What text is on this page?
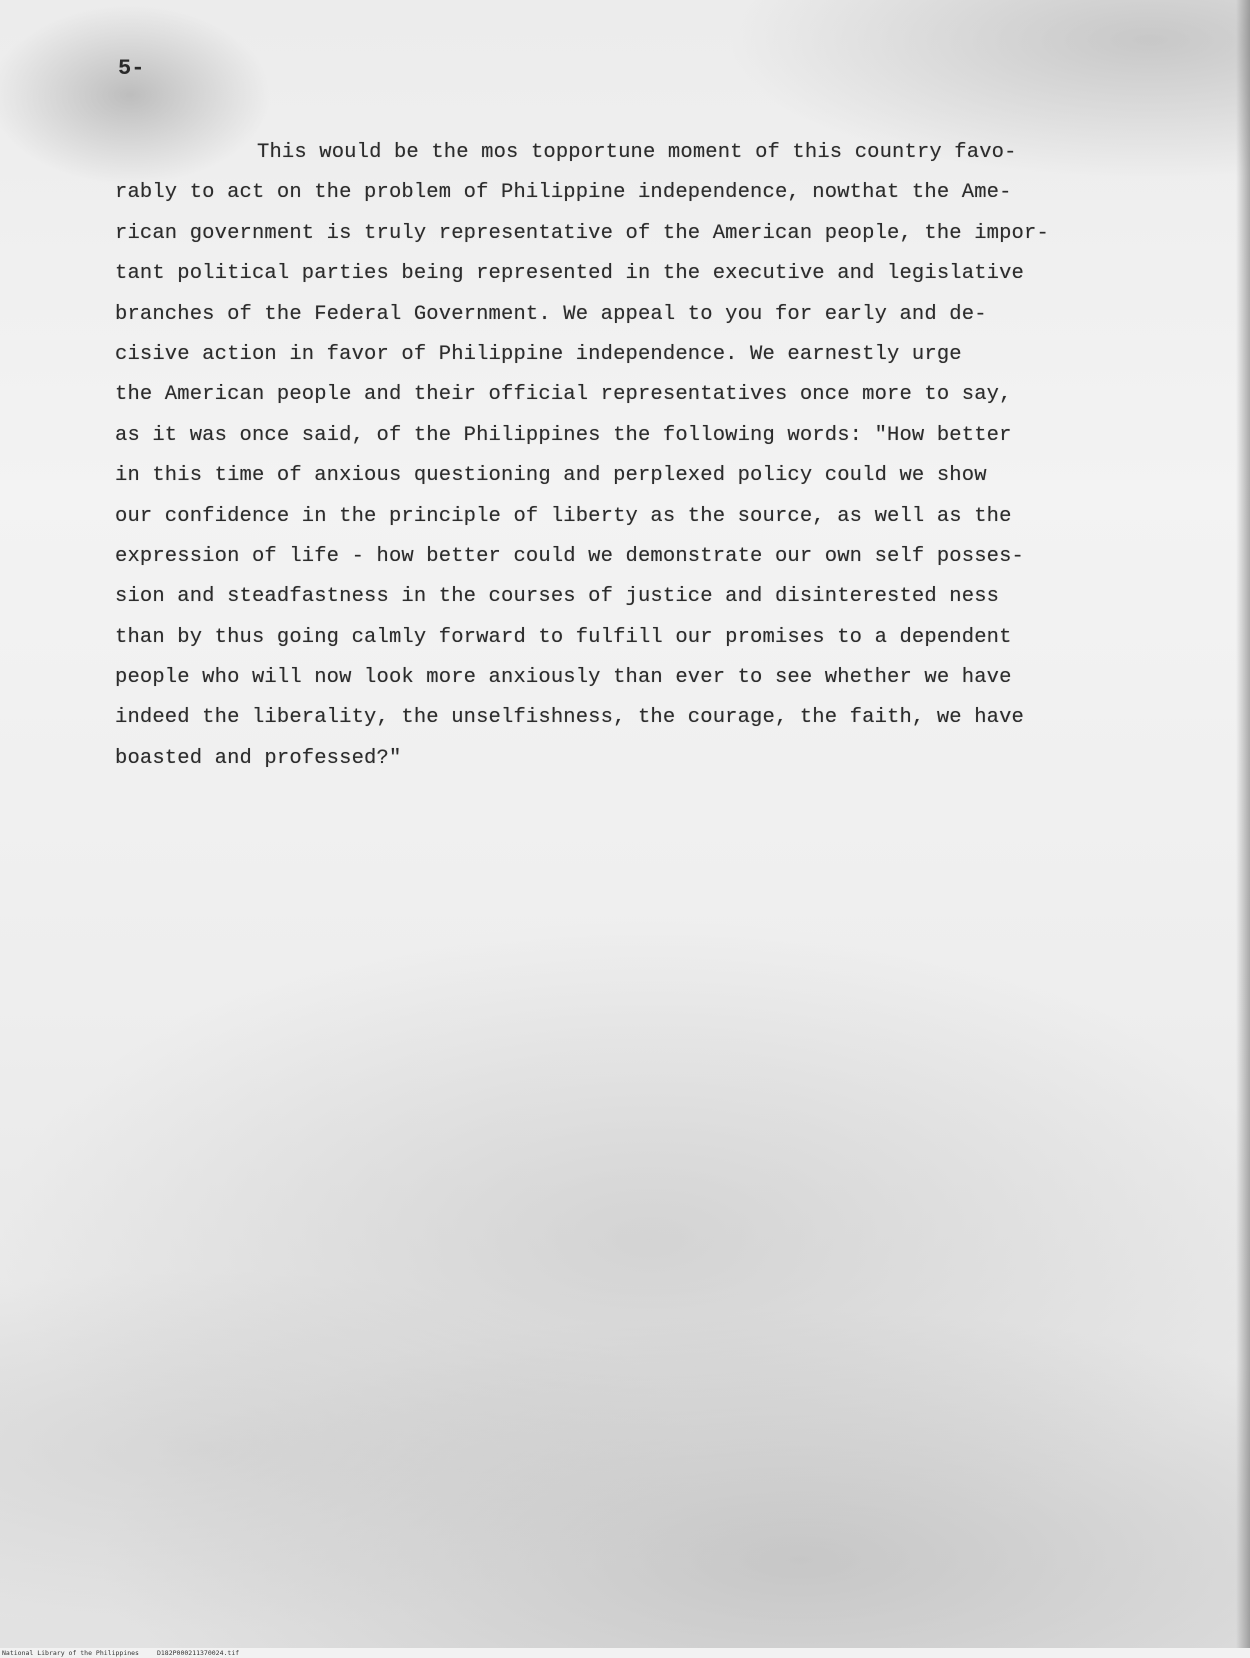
5-

This would be the mos topportune moment of this country favo-
rably to act on the problem of Philippine independence, nowthat the Ame-
rican government is truly representative of the American people, the impor-
tant political parties being represented in the executive and legislative
branches of the Federal Government. We appeal to you for early and de-
cisive action in favor of Philippine independence. We earnestly urge
the American people and their official representatives once more to say,
as it was once said, of the Philippines the following words: "How better
in this time of anxious questioning and perplexed policy could we show
our confidence in the principle of liberty as the source, as well as the
expression of life - how better could we demonstrate our own self posses-
sion and steadfastness in the courses of justice and disinterested ness
than by thus going calmly forward to fulfill our promises to a dependent
people who will now look more anxiously than ever to see whether we have
indeed the liberality, the unselfishness, the courage, the faith, we have
boasted and professed?"
National Library of the Philippines	D182P000211370024.tif
